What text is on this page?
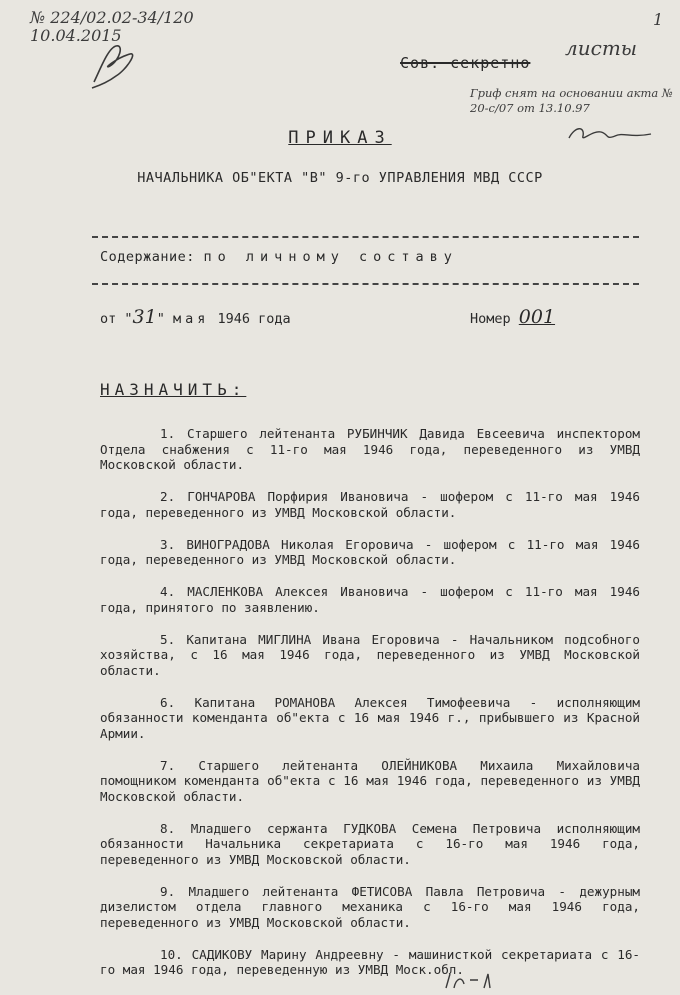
№ 224/02.02-34/120
10.04.2015
Сов. секретно
листы
1
Гриф снят на основании акта № 20-с/07 от 13.10.97
ПРИКАЗ
НАЧАЛЬНИКА ОБ"ЕКТА "В" 9-го УПРАВЛЕНИЯ МВД СССР
Содержание: по личному составу
от "31" мая 1946 года	Номер 001
НАЗНАЧИТЬ:
1. Старшего лейтенанта РУБИНЧИК Давида Евсеевича инспектором Отдела снабжения с 11-го мая 1946 года, переведенного из УМВД Московской области.
2. ГОНЧАРОВА Порфирия Ивановича - шофером с 11-го мая 1946 года, переведенного из УМВД Московской области.
3. ВИНОГРАДОВА Николая Егоровича - шофером с 11-го мая 1946 года, переведенного из УМВД Московской области.
4. МАСЛЕНКОВА Алексея Ивановича - шофером с 11-го мая 1946 года, принятого по заявлению.
5. Капитана МИГЛИНА Ивана Егоровича - Начальником подсобного хозяйства, с 16 мая 1946 года, переведенного из УМВД Московской области.
6. Капитана РОМАНОВА Алексея Тимофеевича - исполняющим обязанности коменданта об"екта с 16 мая 1946 г., прибывшего из Красной Армии.
7. Старшего лейтенанта ОЛЕЙНИКОВА Михаила Михайловича помощником коменданта об"екта с 16 мая 1946 года, переведенного из УМВД Московской области.
8. Младшего сержанта ГУДКОВА Семена Петровича исполняющим обязанности Начальника секретариата с 16-го мая 1946 года, переведенного из УМВД Московской области.
9. Младшего лейтенанта ФЕТИСОВА Павла Петровича - дежурным дизелистом отдела главного механика с 16-го мая 1946 года, переведенного из УМВД Московской области.
10. САДИКОВУ Марину Андреевну - машинисткой секретариата с 16-го мая 1946 года, переведенную из УМВД Моск.обл.
